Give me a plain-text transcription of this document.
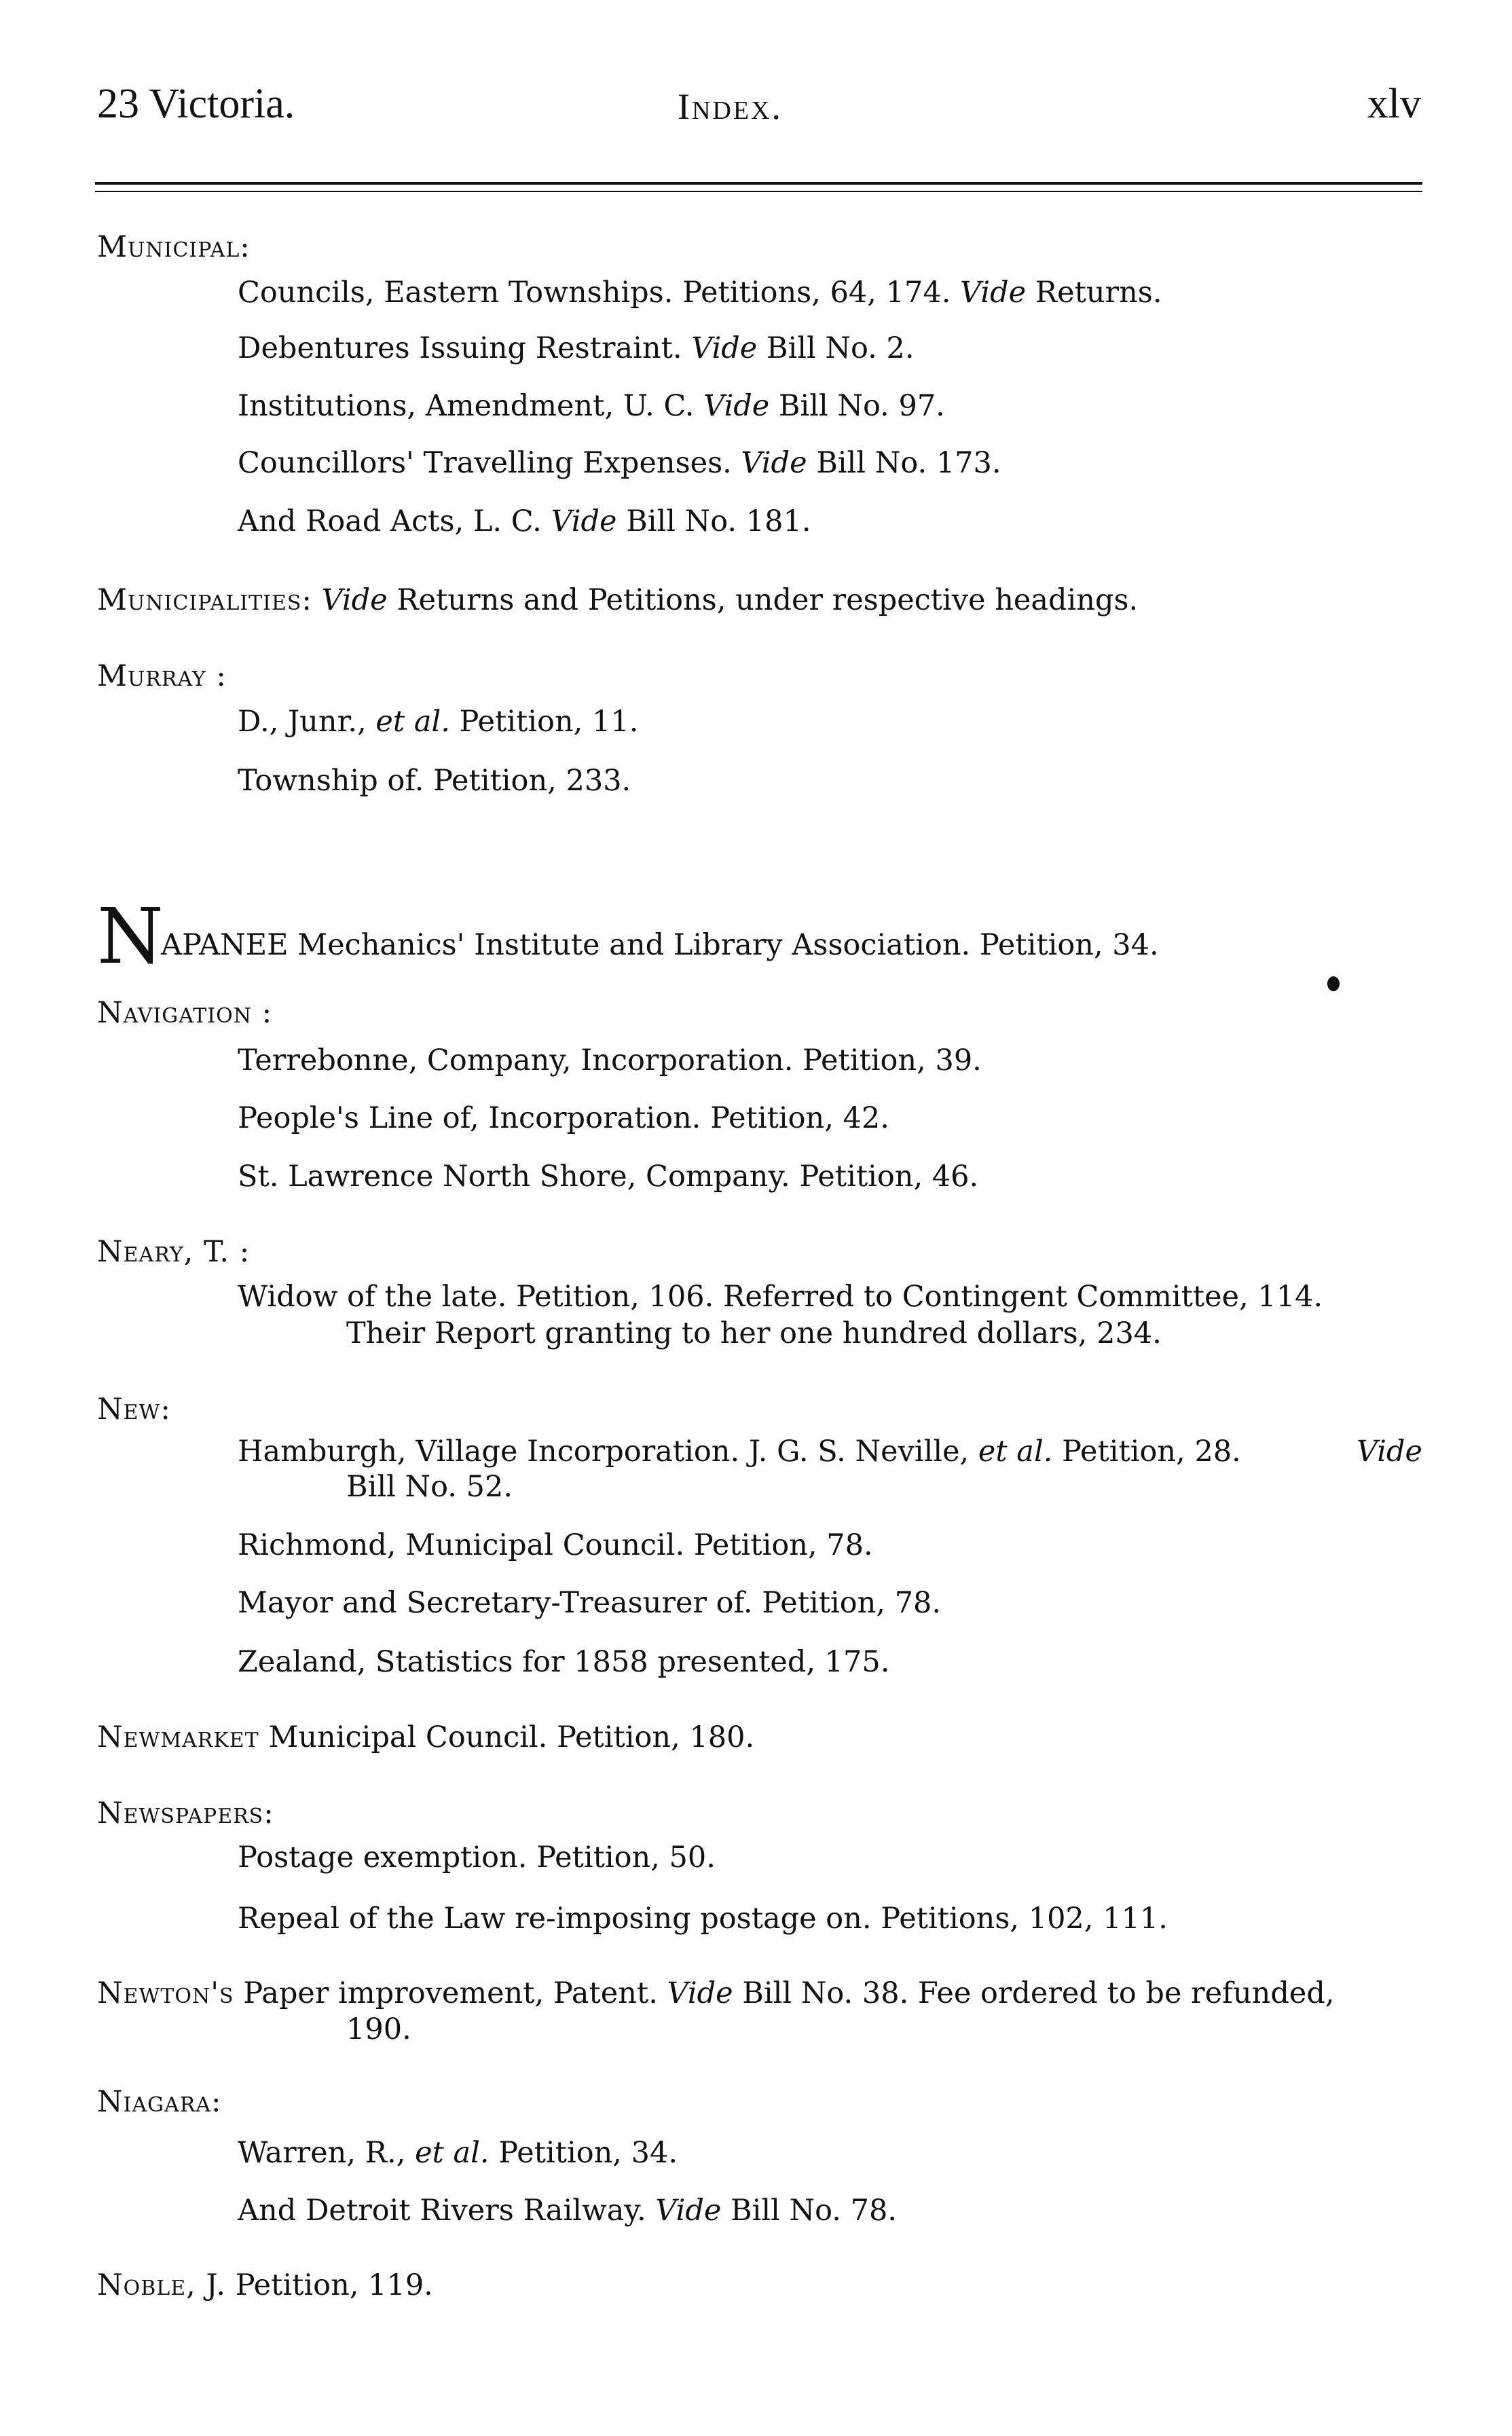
23 Victoria.	Index.	xlv
Municipal:
Councils, Eastern Townships. Petitions, 64, 174. Vide Returns.
Debentures Issuing Restraint. Vide Bill No. 2.
Institutions, Amendment, U. C. Vide Bill No. 97.
Councillors' Travelling Expenses. Vide Bill No. 173.
And Road Acts, L. C. Vide Bill No. 181.
Municipalities: Vide Returns and Petitions, under respective headings.
Murray :
D., Junr., et al. Petition, 11.
Township of. Petition, 233.
NAPANEE Mechanics' Institute and Library Association. Petition, 34.
Navigation :
Terrebonne, Company, Incorporation. Petition, 39.
People's Line of, Incorporation. Petition, 42.
St. Lawrence North Shore, Company. Petition, 46.
Neary, T. :
Widow of the late. Petition, 106. Referred to Contingent Committee, 114.
Their Report granting to her one hundred dollars, 234.
New:
Hamburgh, Village Incorporation. J. G. S. Neville, et al. Petition, 28.	Vide
Bill No. 52.
Richmond, Municipal Council. Petition, 78.
Mayor and Secretary-Treasurer of. Petition, 78.
Zealand, Statistics for 1858 presented, 175.
Newmarket Municipal Council. Petition, 180.
Newspapers:
Postage exemption. Petition, 50.
Repeal of the Law re-imposing postage on. Petitions, 102, 111.
Newton's Paper improvement, Patent. Vide Bill No. 38. Fee ordered to be refunded,
190.
Niagara:
Warren, R., et al. Petition, 34.
And Detroit Rivers Railway. Vide Bill No. 78.
Noble, J. Petition, 119.
